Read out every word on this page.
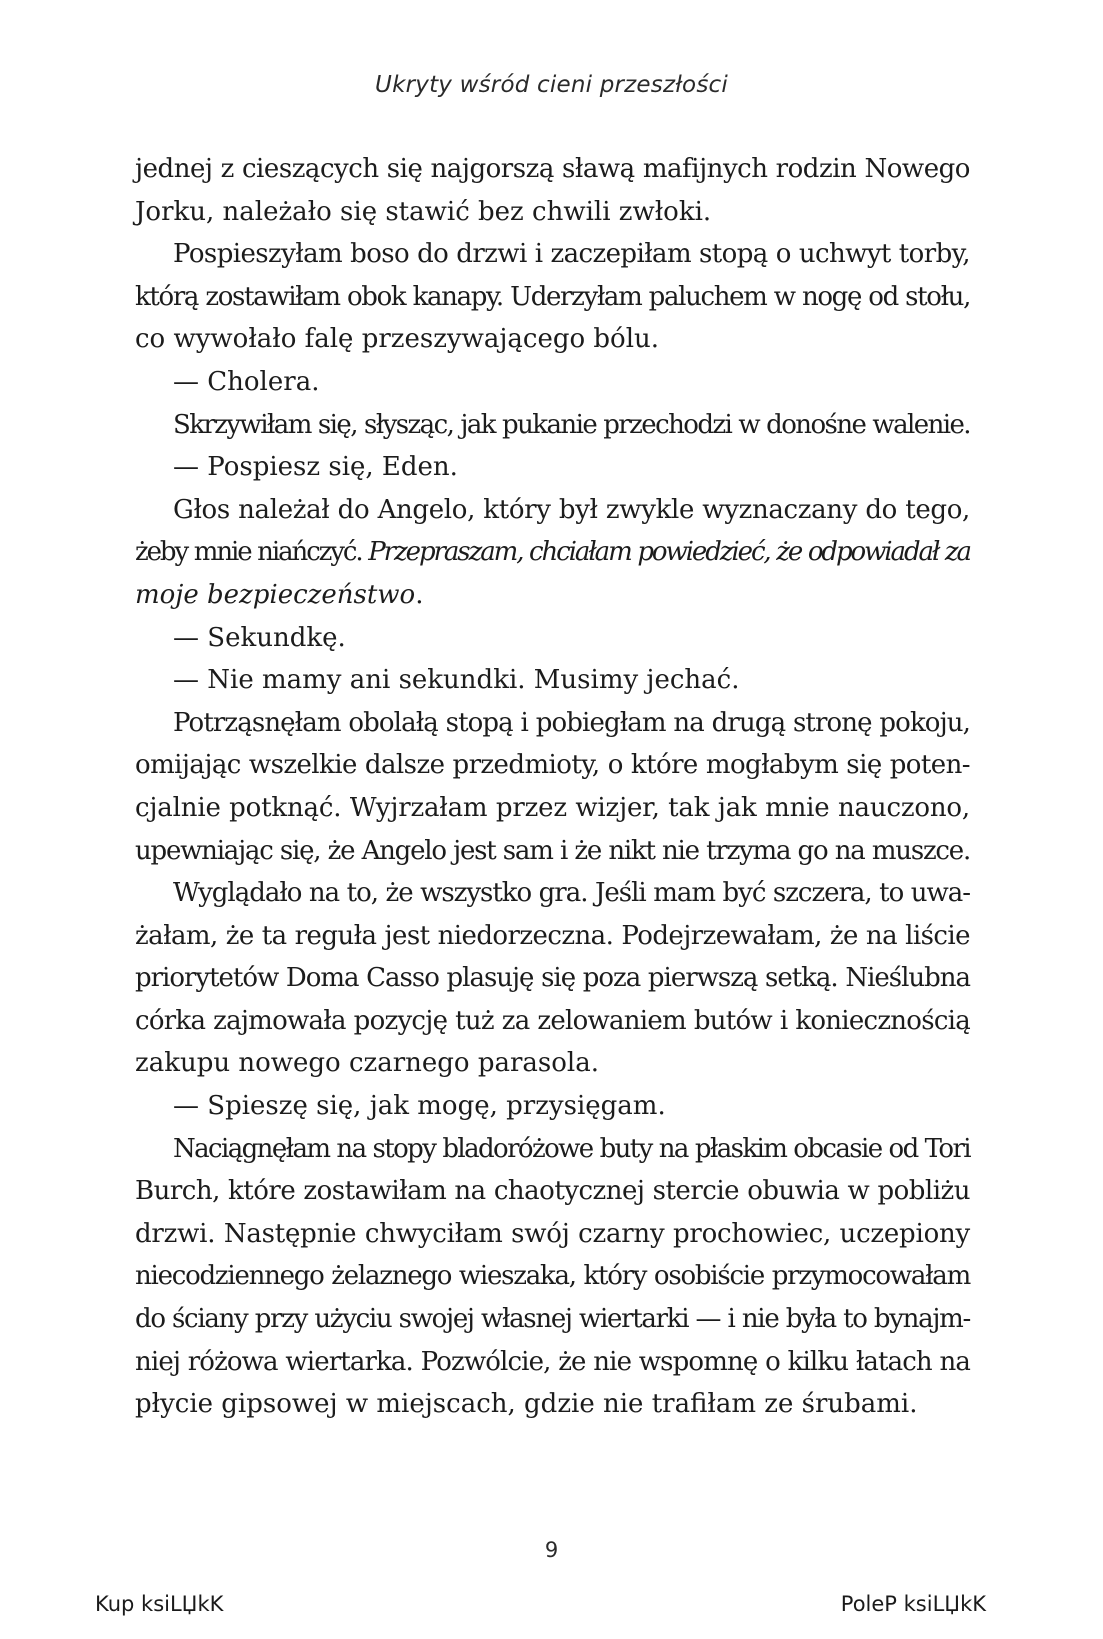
Ukryty wśród cieni przeszłości
jednej z cieszących się najgorszą sławą mafijnych rodzin Nowego
Jorku, należało się stawić bez chwili zwłoki.
Pospieszyłam boso do drzwi i zaczepiłam stopą o uchwyt torby,
którą zostawiłam obok kanapy. Uderzyłam paluchem w nogę od stołu,
co wywołało falę przeszywającego bólu.
— Cholera.
Skrzywiłam się, słysząc, jak pukanie przechodzi w donośne walenie.
— Pospiesz się, Eden.
Głos należał do Angelo, który był zwykle wyznaczany do tego,
żeby mnie niańczyć. Przepraszam, chciałam powiedzieć, że odpowiadał za
moje bezpieczeństwo.
— Sekundkę.
— Nie mamy ani sekundki. Musimy jechać.
Potrząsnęłam obolałą stopą i pobiegłam na drugą stronę pokoju,
omijając wszelkie dalsze przedmioty, o które mogłabym się poten-
cjalnie potknąć. Wyjrzałam przez wizjer, tak jak mnie nauczono,
upewniając się, że Angelo jest sam i że nikt nie trzyma go na muszce.
Wyglądało na to, że wszystko gra. Jeśli mam być szczera, to uwa-
żałam, że ta reguła jest niedorzeczna. Podejrzewałam, że na liście
priorytetów Doma Casso plasuję się poza pierwszą setką. Nieślubna
córka zajmowała pozycję tuż za zelowaniem butów i koniecznością
zakupu nowego czarnego parasola.
— Spieszę się, jak mogę, przysięgam.
Naciągnęłam na stopy bladoróżowe buty na płaskim obcasie od Tori
Burch, które zostawiłam na chaotycznej stercie obuwia w pobliżu
drzwi. Następnie chwyciłam swój czarny prochowiec, uczepiony
niecodziennego żelaznego wieszaka, który osobiście przymocowałam
do ściany przy użyciu swojej własnej wiertarki — i nie była to bynajm-
niej różowa wiertarka. Pozwólcie, że nie wspomnę o kilku łatach na
płycie gipsowej w miejscach, gdzie nie trafiłam ze śrubami.
9
Kup ksiLЏkK	PoleP ksiLЏkK
